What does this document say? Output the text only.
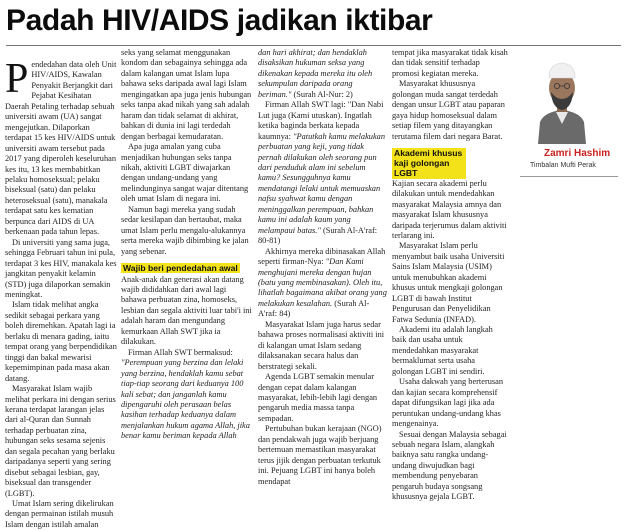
Padah HIV/AIDS jadikan iktibar

Pendedahan data oleh Unit HIV/AIDS, Kawalan Penyakit Berjangkit dari Pejabat Kesihatan Daerah Petaling terhadap sebuah universiti awam (UA) sangat mengejutkan. Dilaporkan terdapat 15 kes HIV/AIDS untuk universiti awam tersebut pada 2017 yang diperoleh keseluruhan kes itu, 13 kes membabitkan pelaku homoseksual; pelaku biseksual (satu) dan pelaku heteroseksual (satu), manakala terdapat satu kes kematian berpunca dari AIDS di UA berkenaan pada tahun lepas.

Di universiti yang sama juga, sehingga Februari tahun ini pula, terdapat 3 kes HIV, manakala kes jangkitan penyakit kelamin (STD) juga dilaporkan semakin meningkat.

Islam tidak melihat angka sedikit sebagai perkara yang boleh diremehkan. Apatah lagi ia berlaku di menara gading, iaitu tempat orang yang berpendidikan tinggi dan bakal mewarisi kepemimpinan pada masa akan datang.

Masyarakat Islam wajib melihat perkara ini dengan serius kerana terdapat larangan jelas dari al-Quran dan Sunnah terhadap perbuatan zina, hubungan seks sesama sejenis dan segala pecahan yang berlaku daripadanya seperti yang sering disebut sebagai lesbian, gay, biseksual dan transgender (LGBT).

Umat Islam sering dikelirukan dengan permainan istilah musuh Islam dengan istilah amalan

seks yang selamat menggunakan kondom dan sebagainya sehingga ada dalam kalangan umat Islam lupa bahawa seks daripada awal lagi Islam mengingatkan apa juga jenis hubungan seks tanpa akad nikah yang sah adalah haram dan tidak selamat di akhirat, bahkan di dunia ini lagi terdedah dengan berbagai kemudaratan.

Apa juga amalan yang cuba menjadikan hubungan seks tanpa nikah, aktiviti LGBT diwajarkan dengan undang-undang yang melindunginya sangat wajar ditentang oleh umat Islam di negara ini.

Namun bagi mereka yang sudah sedar kesilapan dan bertaubat, maka umat Islam perlu mengalu-alukannya serta mereka wajib dibimbing ke jalan yang sebenar.

Wajib beri pendedahan awal

Anak-anak dan generasi akan datang wajib dididahkan dari awal lagi bahawa perbuatan zina, homoseks, lesbian dan segala aktiviti luar tabi'i ini adalah haram dan mengundang kemurkaan Allah SWT jika ia dilakukan.

Firman Allah SWT bermaksud:

"Perempuan yang berzina dan lelaki yang berzina, hendaklah kamu sebat tiap-tiap seorang dari keduanya 100 kali sebat; dan janganlah kamu dipengaruhi oleh perasaan belas kasihan terhadap keduanya dalam menjalankan hukum agama Allah, jika benar kamu beriman kepada Allah

dan hari akhirat; dan hendaklah disaksikan hukuman seksa yang dikenakan kepada mereka itu oleh sekumpulan daripada orang beriman." (Surah Al-Nur: 2)

Firman Allah SWT lagi: "Dan Nabi Lut juga (Kami utuskan). Ingatlah ketika baginda berkata kepada kaumnya: "Patutkah kamu melakukan perbuatan yang keji, yang tidak pernah dilakukan oleh seorang pun dari penduduk alam ini sebelum kamu? Sesungguhnya kamu mendatangi lelaki untuk memuaskan nafsu syahwat kamu dengan meninggalkan perempuan, bahkan kamu ini adalah kaum yang melampaui batas." (Surah Al-A'raf: 80-81)

Akhirnya mereka dibinasakan Allah seperti firman-Nya: "Dan Kami menghujani mereka dengan hujan (batu yang membinasakan). Oleh itu, lihatlah bagaimana akibat orang yang melakukan kesalahan. (Surah Al-A'raf: 84)

Masyarakat Islam juga harus sedar bahawa proses normalisasi aktiviti ini di kalangan umat Islam sedang dilaksanakan secara halus dan berstrategi sekali.

Agenda LGBT semakin menular dengan cepat dalam kalangan masyarakat, lebih-lebih lagi dengan pengaruh media massa tanpa sempadan.

Pertubuhan bukan kerajaan (NGO) dan pendakwah juga wajib berjuang bertemuan memastikan masyarakat terus jijik dengan perbuatan terkutuk ini. Pejuang LGBT ini hanya boleh mendapat

tempat jika masyarakat tidak kisah dan tidak sensitif terhadap promosi kegiatan mereka.

Masyarakat khususnya golongan muda sangat terdedah dengan unsur LGBT atau paparan gaya hidup homoseksual dalam setiap filem yang ditayangkan terutama filem dari negara Barat.

Akademi khusus kaji golongan LGBT

Kajian secara akademi perlu dilakukan untuk mendedahkan masyarakat Malaysia amnya dan masyarakat Islam khususnya daripada terjerumus dalam aktiviti terlarang ini.

Masyarakat Islam perlu menyambut baik usaha Universiti Sains Islam Malaysia (USIM) untuk menubuhkan akademi khusus untuk mengkaji golongan LGBT di bawah Institut Pengurusan dan Penyelidikan Fatwa Sedunia (INFAD).

Akademi itu adalah langkah baik dan usaha untuk mendedahkan masyarakat bermaklumat serta usaha golongan LGBT ini sendiri.

Usaha dakwah yang berterusan dan kajian secara komprehensif dapat difungsikan lagi jika ada peruntukan undang-undang khas mengenainya.

Sesuai dengan Malaysia sebagai sebuah negara Islam, alangkah baiknya satu rangka undang-undang diwujudkan bagi membendung penyebaran pengaruh budaya songsang khususnya gejala LGBT.

Zamri Hashim
Timbalan Mufti Perak
